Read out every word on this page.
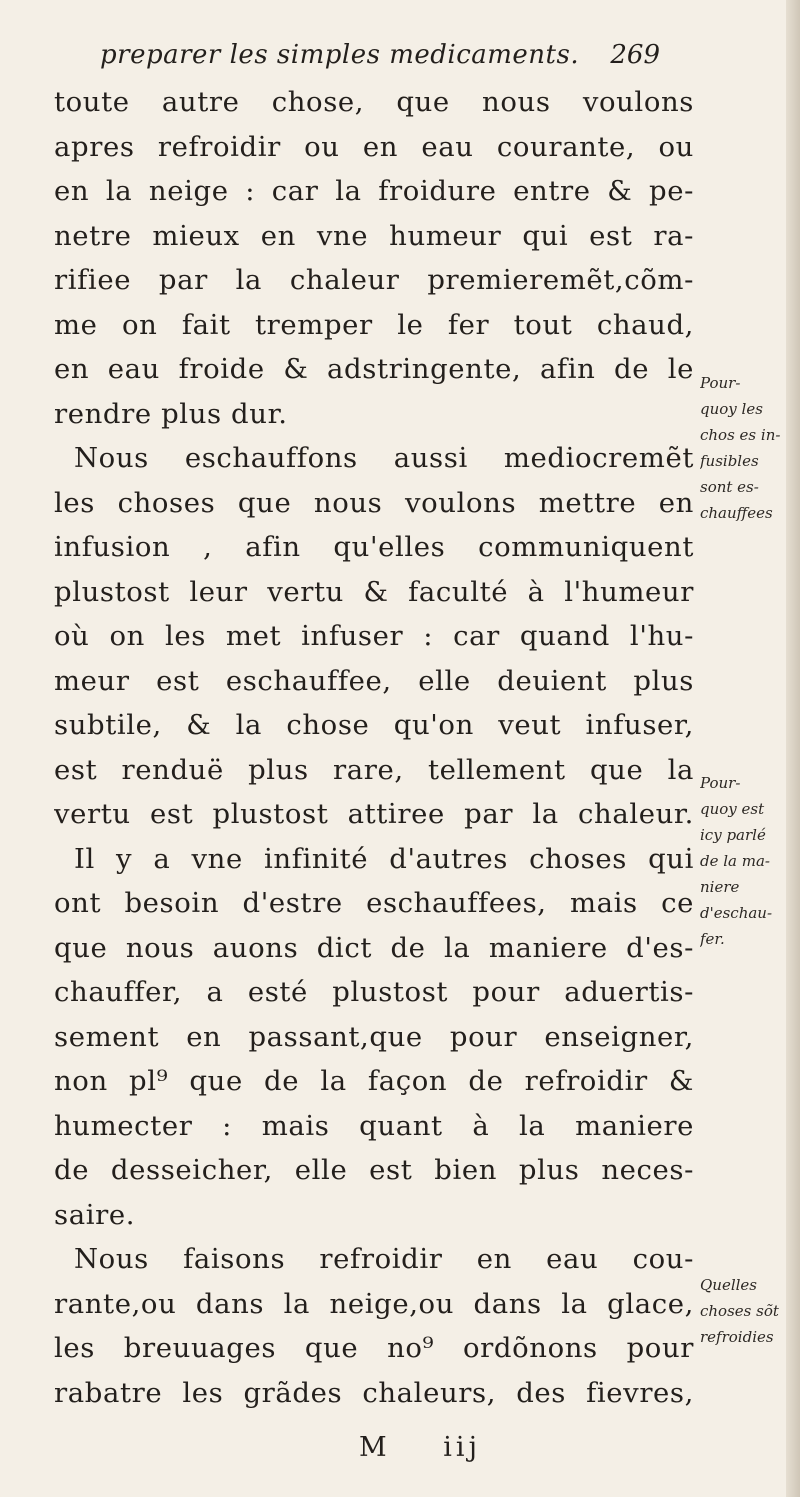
preparer les simples medicaments. 269
toute autre chose, que nous voulons
apres refroidir ou en eau courante, ou
en la neige : car la froidure entre & pe-
netre mieux en vne humeur qui est ra-
rifiee par la chaleur premieremẽt,cõm-
me on fait tremper le fer tout chaud,
en eau froide & adstringente, afin de le
rendre plus dur.
Nous eschauffons aussi mediocremẽt
les choses que nous voulons mettre en
infusion , afin qu'elles communiquent
plustost leur vertu & faculté à l'humeur
où on les met infuser : car quand l'hu-
meur est eschauffee, elle deuient plus
subtile, & la chose qu'on veut infuser,
est renduë plus rare, tellement que la
vertu est plustost attiree par la chaleur.
Il y a vne infinité d'autres choses qui
ont besoin d'estre eschauffees, mais ce
que nous auons dict de la maniere d'es-
chauffer, a esté plustost pour aduertis-
sement en passant,que pour enseigner,
non pl⁹ que de la façon de refroidir &
humecter : mais quant à la maniere
de desseicher, elle est bien plus neces-
saire.
Nous faisons refroidir en eau cou-
rante,ou dans la neige,ou dans la glace,
les breuuages que no⁹ ordõnons pour
rabatre les grãdes chaleurs, des fievres,
Pour-
quoy les
chos es in-
fusibles
sont es-
chauffees
Pour-
quoy est
icy parlé
de la ma-
niere
d'eschau-
fer.
Quelles
choses sõt
refroidies
M iij
